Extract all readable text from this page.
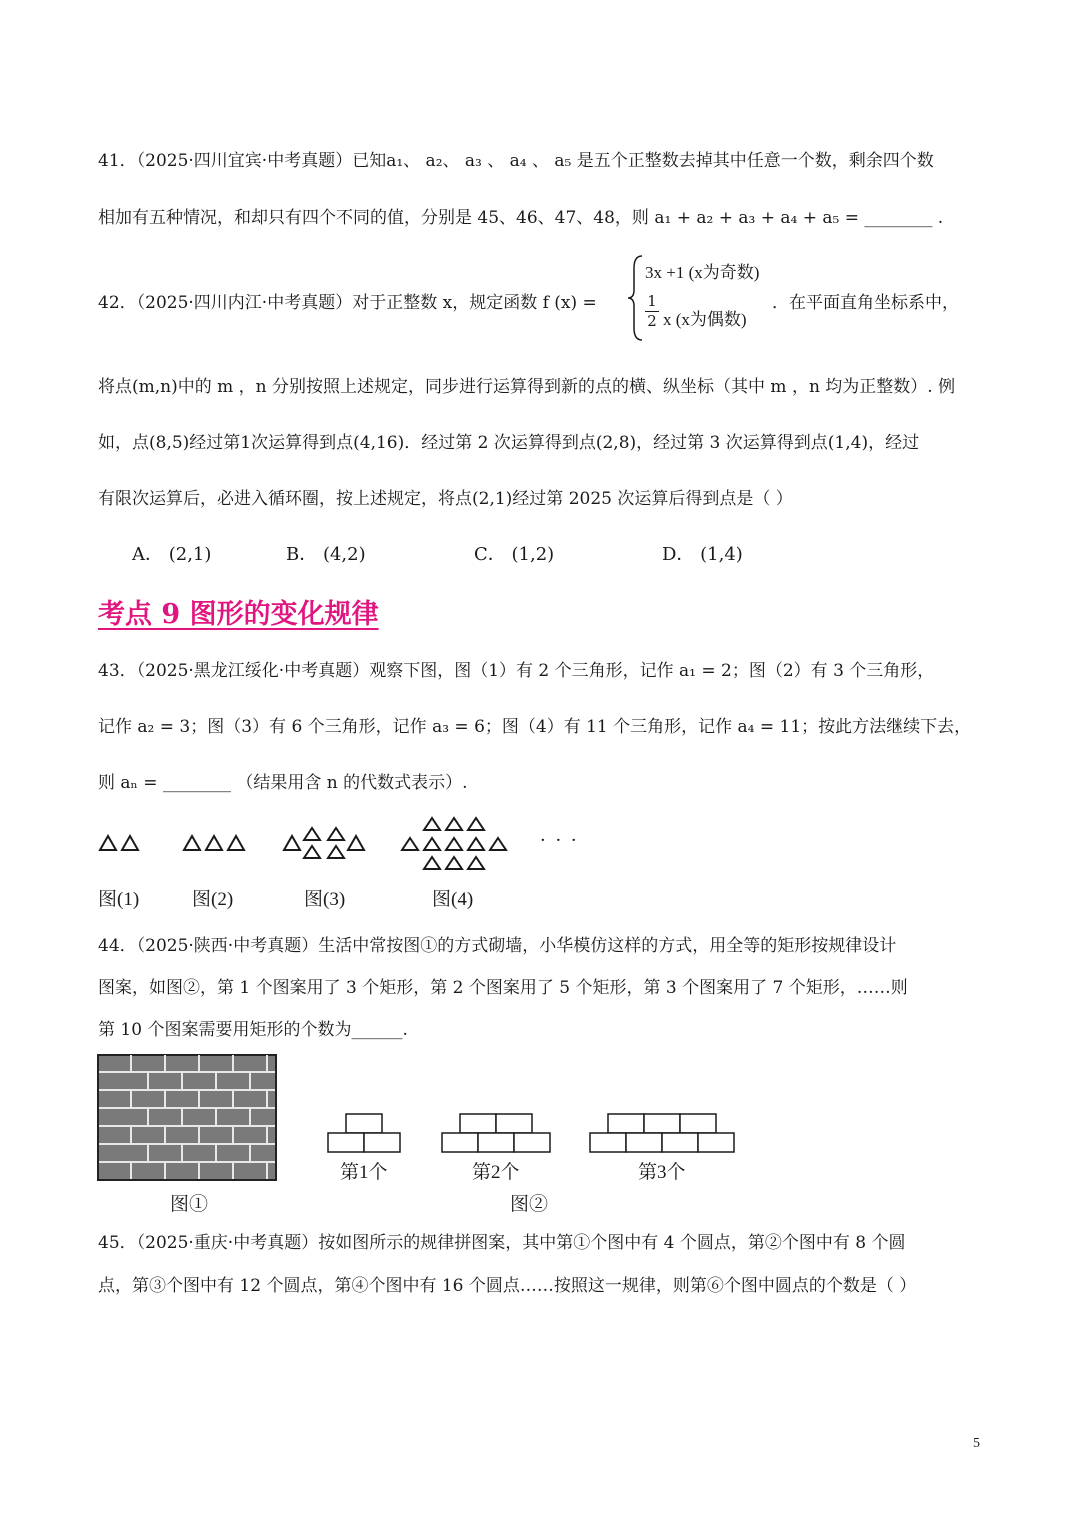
41．（2025·四川宜宾·中考真题）已知a₁、 a₂、 a₃ 、 a₄ 、 a₅ 是五个正整数去掉其中任意一个数，剩余四个数
相加有五种情况，和却只有四个不同的值，分别是 45、46、47、48，则 a₁ + a₂ + a₃ + a₄ + a₅ = ________ .
42．（2025·四川内江·中考真题）对于正整数 x，规定函数 f (x) =
3x +1 (x为奇数)
1
2 x (x为偶数)
．在平面直角坐标系中，
将点(m,n)中的 m ，n 分别按照上述规定，同步进行运算得到新的点的横、纵坐标（其中 m ，n 均为正整数）. 例
如，点(8,5)经过第1次运算得到点(4,16)．经过第 2 次运算得到点(2,8)，经过第 3 次运算得到点(1,4)，经过
有限次运算后，必进入循环圈，按上述规定，将点(2,1)经过第 2025 次运算后得到点是（ ）
A． (2,1)	B． (4,2)	C． (1,2)	D． (1,4)
考点 9 图形的变化规律
43．（2025·黑龙江绥化·中考真题）观察下图，图（1）有 2 个三角形，记作 a₁ = 2；图（2）有 3 个三角形，
记作 a₂ = 3；图（3）有 6 个三角形，记作 a₃ = 6；图（4）有 11 个三角形，记作 a₄ = 11；按此方法继续下去，
则 aₙ = ________ （结果用含 n 的代数式表示）.
· · ·
图(1)	图(2)	图(3)	图(4)
44．（2025·陕西·中考真题）生活中常按图①的方式砌墙，小华模仿这样的方式，用全等的矩形按规律设计
图案，如图②，第 1 个图案用了 3 个矩形，第 2 个图案用了 5 个矩形，第 3 个图案用了 7 个矩形，……则
第 10 个图案需要用矩形的个数为______.
图①
第1个	第2个	第3个
图②
45．（2025·重庆·中考真题）按如图所示的规律拼图案，其中第①个图中有 4 个圆点，第②个图中有 8 个圆
点，第③个图中有 12 个圆点，第④个图中有 16 个圆点……按照这一规律，则第⑥个图中圆点的个数是（ ）
5
